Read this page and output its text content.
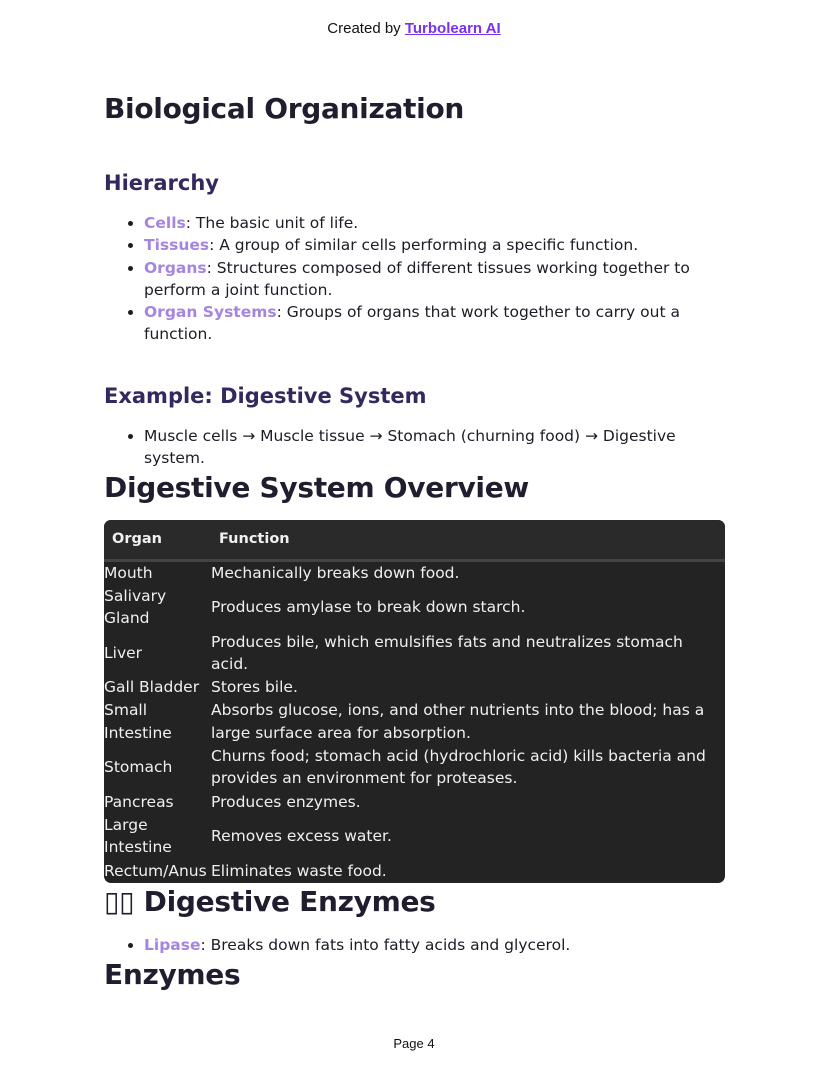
Created by Turbolearn AI
Biological Organization
Hierarchy
• Cells: The basic unit of life.
• Tissues: A group of similar cells performing a specific function.
• Organs: Structures composed of different tissues working together to perform a joint function.
• Organ Systems: Groups of organs that work together to carry out a function.
Example: Digestive System
• Muscle cells → Muscle tissue → Stomach (churning food) → Digestive system.
Digestive System Overview
Organ	Function
Mouth	Mechanically breaks down food.
Salivary Gland	Produces amylase to break down starch.
Liver	Produces bile, which emulsifies fats and neutralizes stomach acid.
Gall Bladder	Stores bile.
Small Intestine	Absorbs glucose, ions, and other nutrients into the blood; has a large surface area for absorption.
Stomach	Churns food; stomach acid (hydrochloric acid) kills bacteria and provides an environment for proteases.
Pancreas	Produces enzymes.
Large Intestine	Removes excess water.
Rectum/Anus	Eliminates waste food.
▯▯ Digestive Enzymes
• Lipase: Breaks down fats into fatty acids and glycerol.
Enzymes
Page 4
